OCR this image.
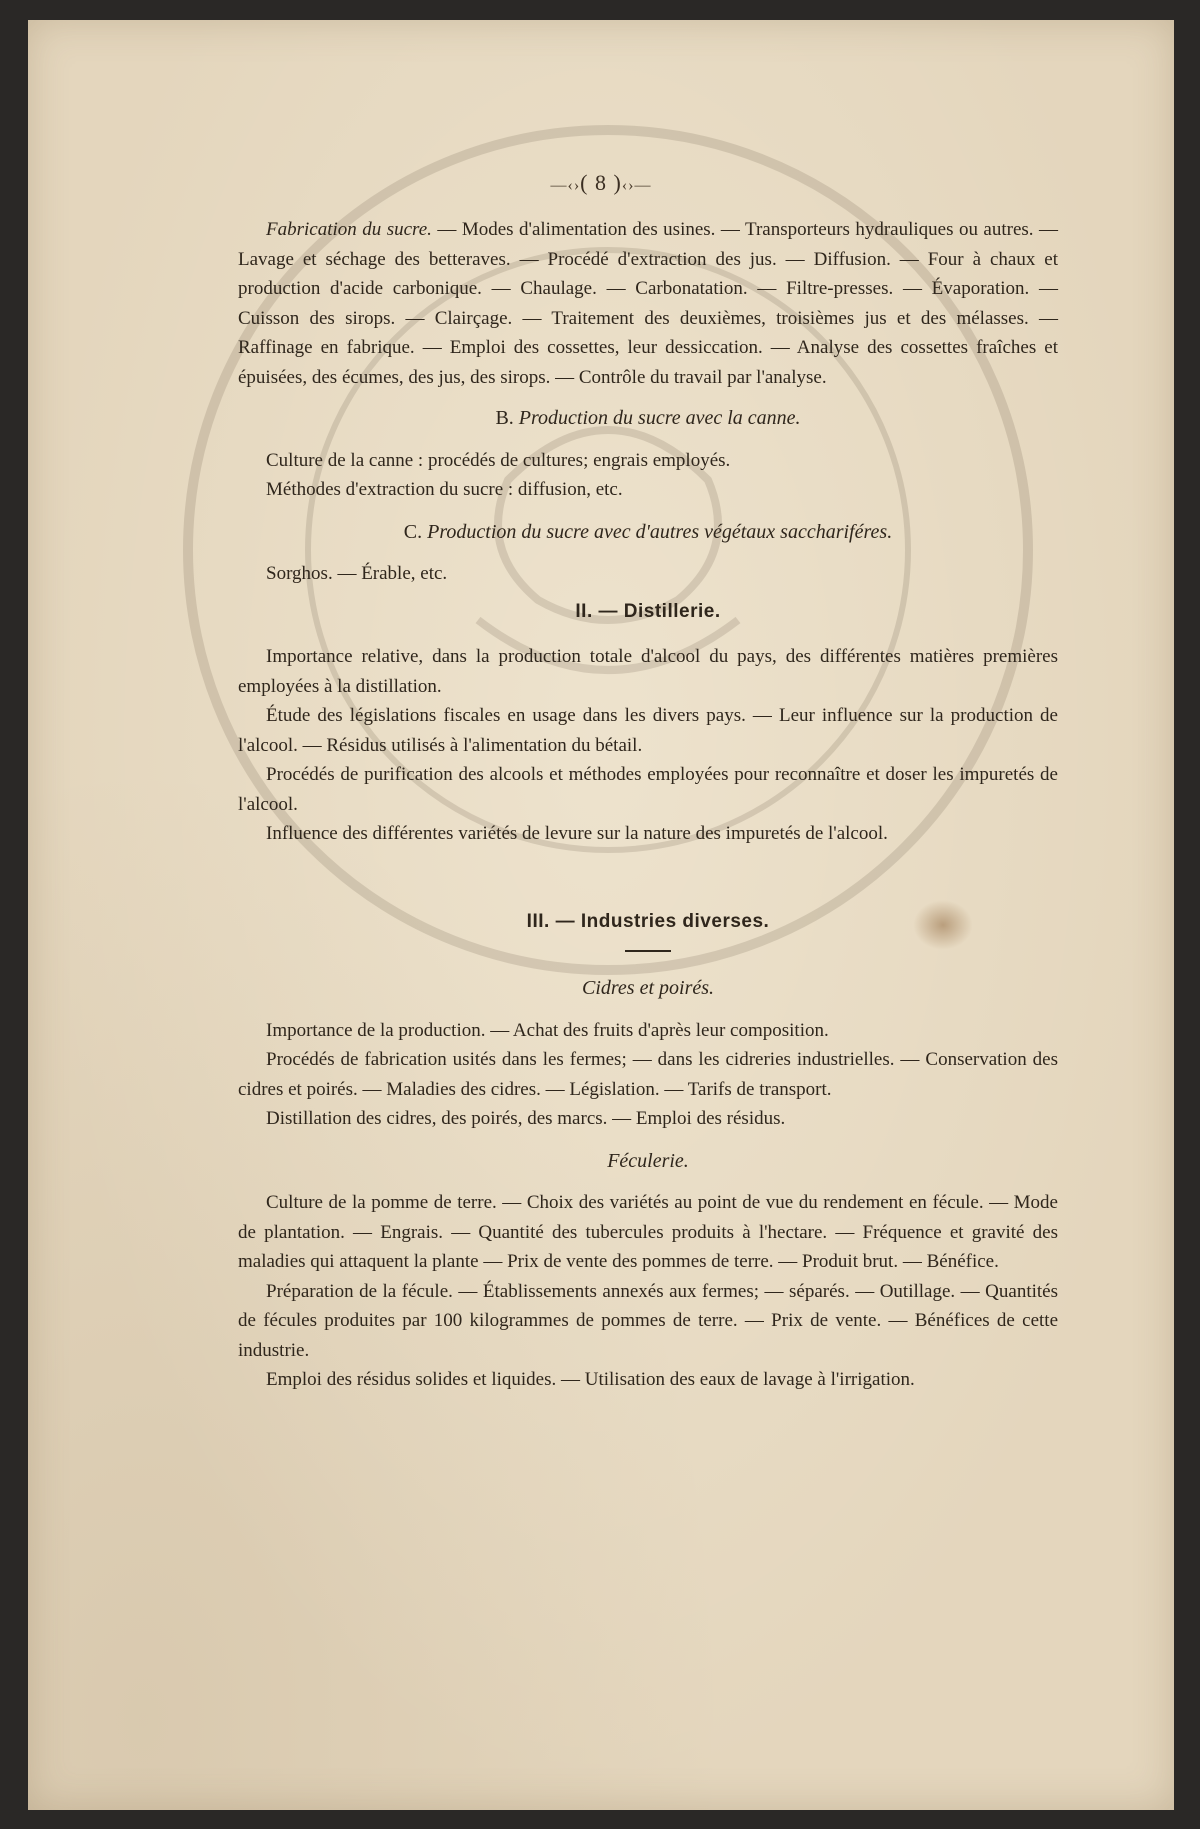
—‹›( 8 )‹›—

Fabrication du sucre. — Modes d'alimentation des usines. — Transporteurs hydrauliques ou autres. — Lavage et séchage des betteraves. — Procédé d'extraction des jus. — Diffusion. — Four à chaux et production d'acide carbonique. — Chaulage. — Carbonatation. — Filtre-presses. — Évaporation. — Cuisson des sirops. — Clairçage. — Traitement des deuxièmes, troisièmes jus et des mélasses. — Raffinage en fabrique. — Emploi des cossettes, leur dessiccation. — Analyse des cossettes fraîches et épuisées, des écumes, des jus, des sirops. — Contrôle du travail par l'analyse.

B. Production du sucre avec la canne.

Culture de la canne : procédés de cultures; engrais employés.

Méthodes d'extraction du sucre : diffusion, etc.

C. Production du sucre avec d'autres végétaux sacchariféres.

Sorghos. — Érable, etc.

II. — Distillerie.

Importance relative, dans la production totale d'alcool du pays, des différentes matières premières employées à la distillation.

Étude des législations fiscales en usage dans les divers pays. — Leur influence sur la production de l'alcool. — Résidus utilisés à l'alimentation du bétail.

Procédés de purification des alcools et méthodes employées pour reconnaître et doser les impuretés de l'alcool.

Influence des différentes variétés de levure sur la nature des impuretés de l'alcool.

III. — Industries diverses.

Cidres et poirés.

Importance de la production. — Achat des fruits d'après leur composition.

Procédés de fabrication usités dans les fermes; — dans les cidreries industrielles. — Conservation des cidres et poirés. — Maladies des cidres. — Législation. — Tarifs de transport.

Distillation des cidres, des poirés, des marcs. — Emploi des résidus.

Féculerie.

Culture de la pomme de terre. — Choix des variétés au point de vue du rendement en fécule. — Mode de plantation. — Engrais. — Quantité des tubercules produits à l'hectare. — Fréquence et gravité des maladies qui attaquent la plante — Prix de vente des pommes de terre. — Produit brut. — Bénéfice.

Préparation de la fécule. — Établissements annexés aux fermes; — séparés. — Outillage. — Quantités de fécules produites par 100 kilogrammes de pommes de terre. — Prix de vente. — Bénéfices de cette industrie.

Emploi des résidus solides et liquides. — Utilisation des eaux de lavage à l'irrigation.
